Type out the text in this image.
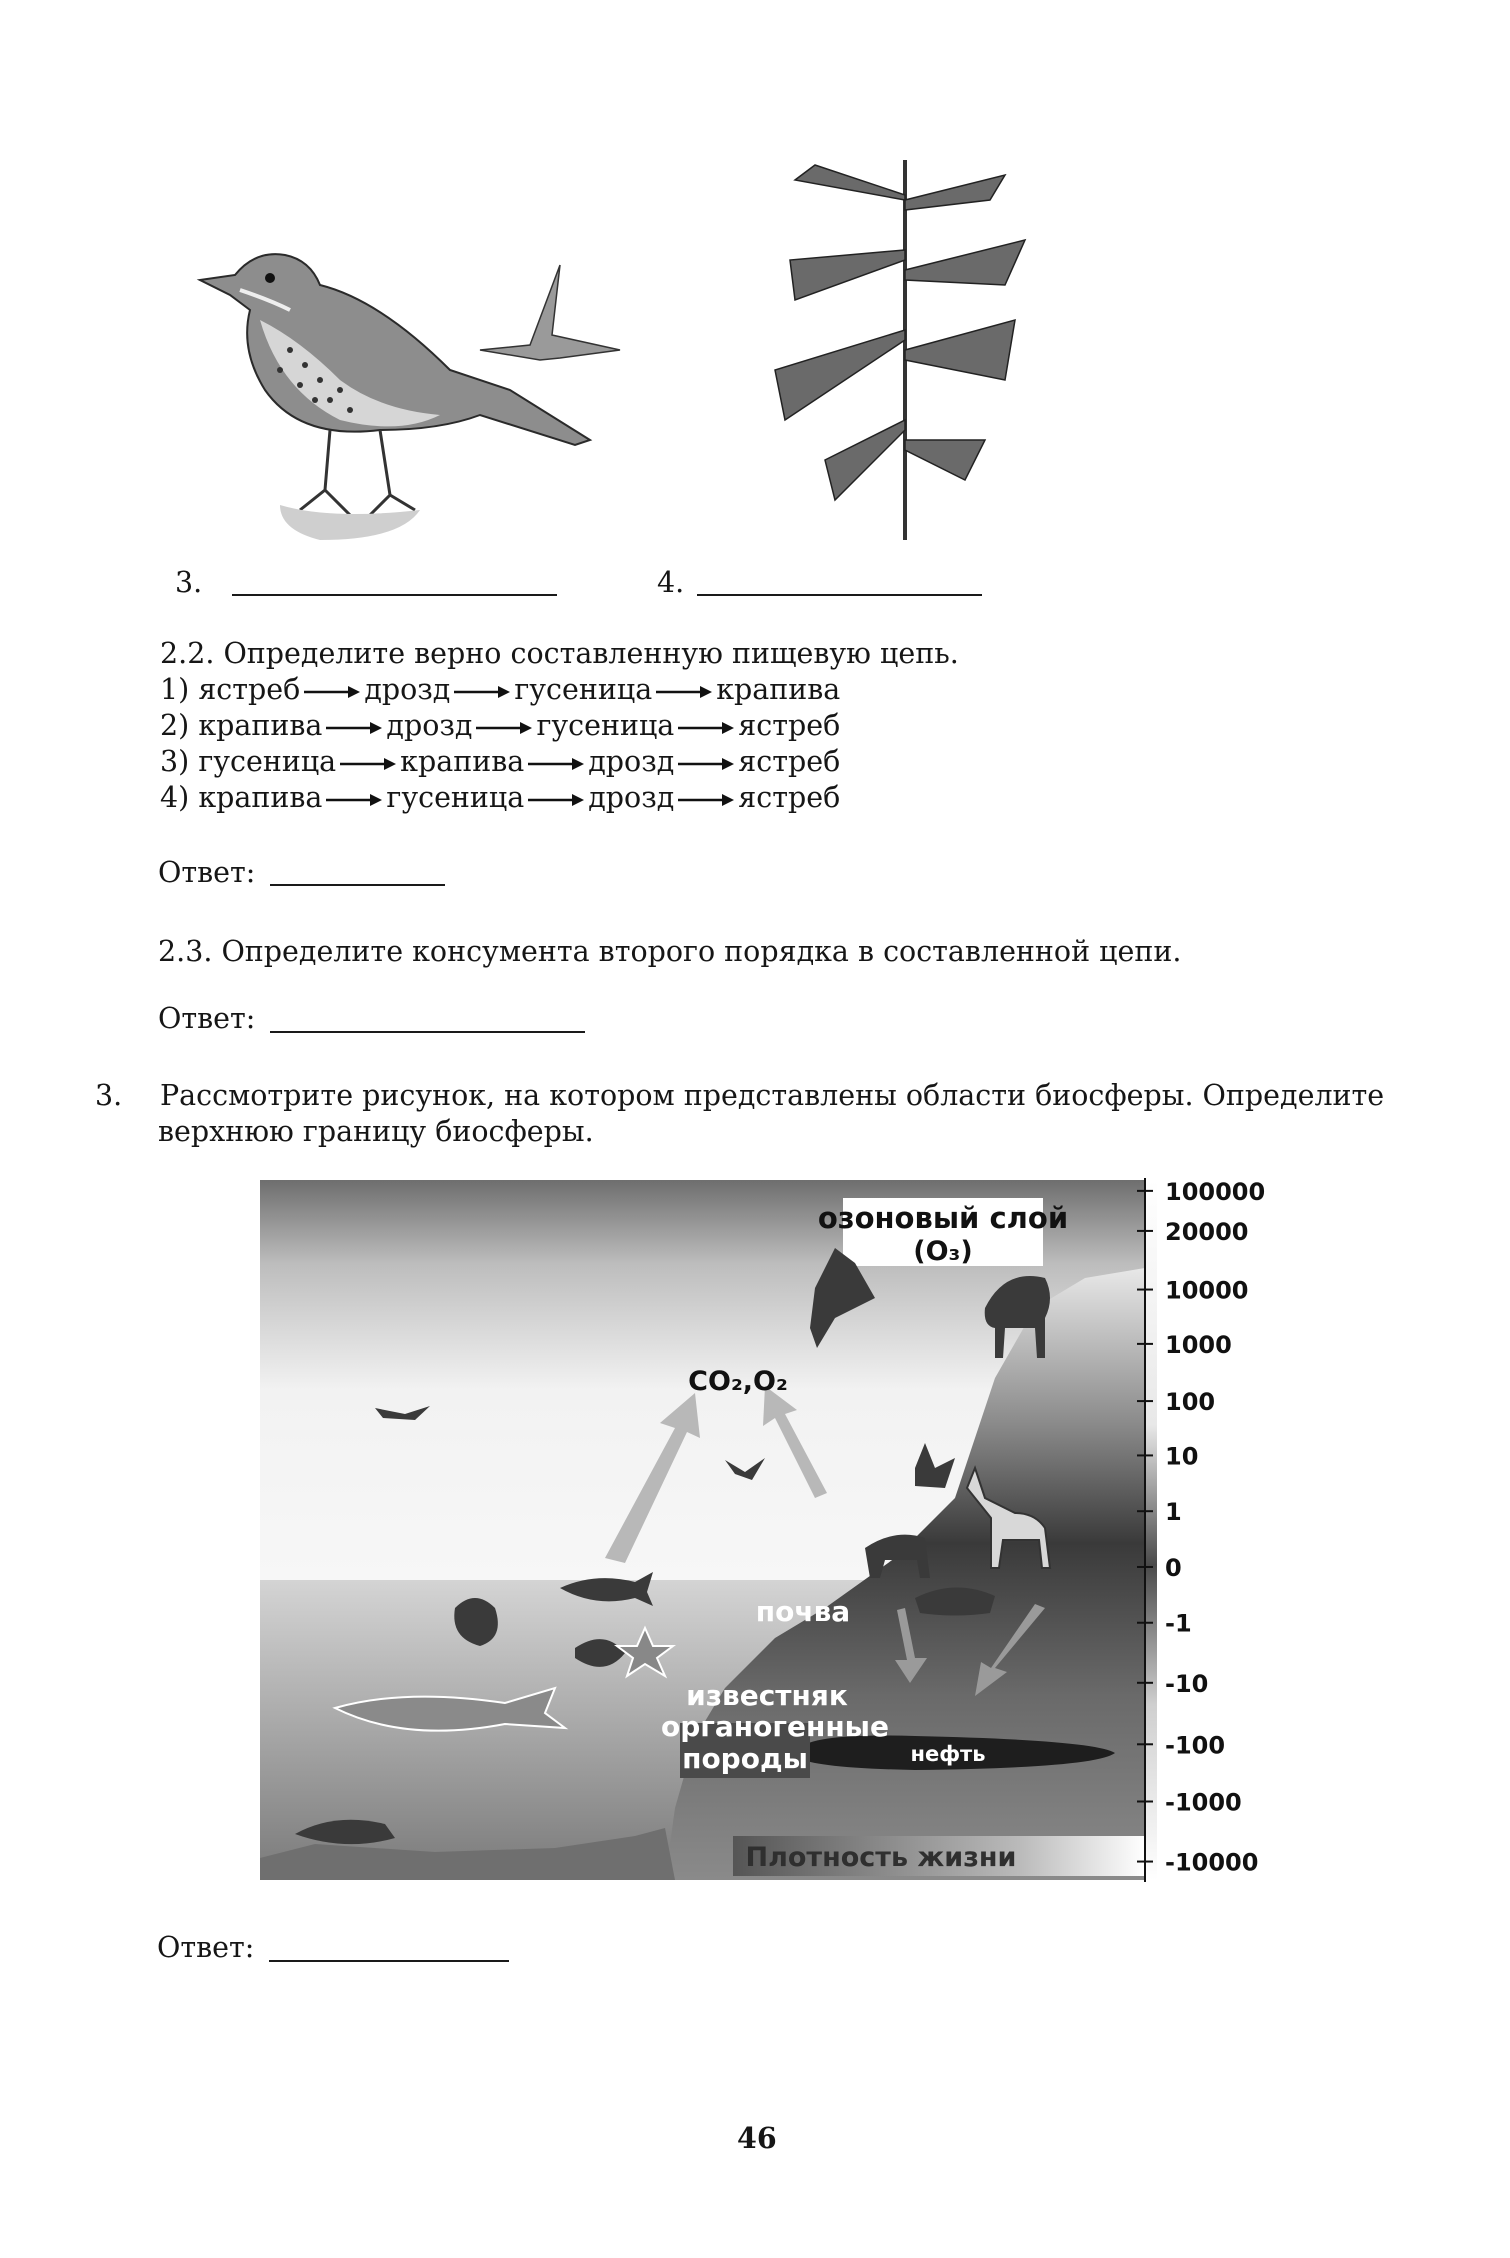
3.	4.
2.2. Определите верно составленную пищевую цепь.
1) ястреб дрозд гусеница крапива
2) крапива дрозд гусеница ястреб
3) гусеница крапива дрозд ястреб
4) крапива гусеница дрозд ястреб
Ответ:
2.3. Определите консумента второго порядка в составленной цепи.
Ответ:
3. Рассмотрите рисунок, на котором представлены области биосферы. Определите
верхнюю границу биосферы.
озоновый слой
(O₃)
CO₂,O₂
почва
известняк
органогенные
породы	нефть
Плотность жизни
100000
20000
10000
1000
100
10
1
0
-1
-10
-100
-1000
-10000
Ответ:
46
